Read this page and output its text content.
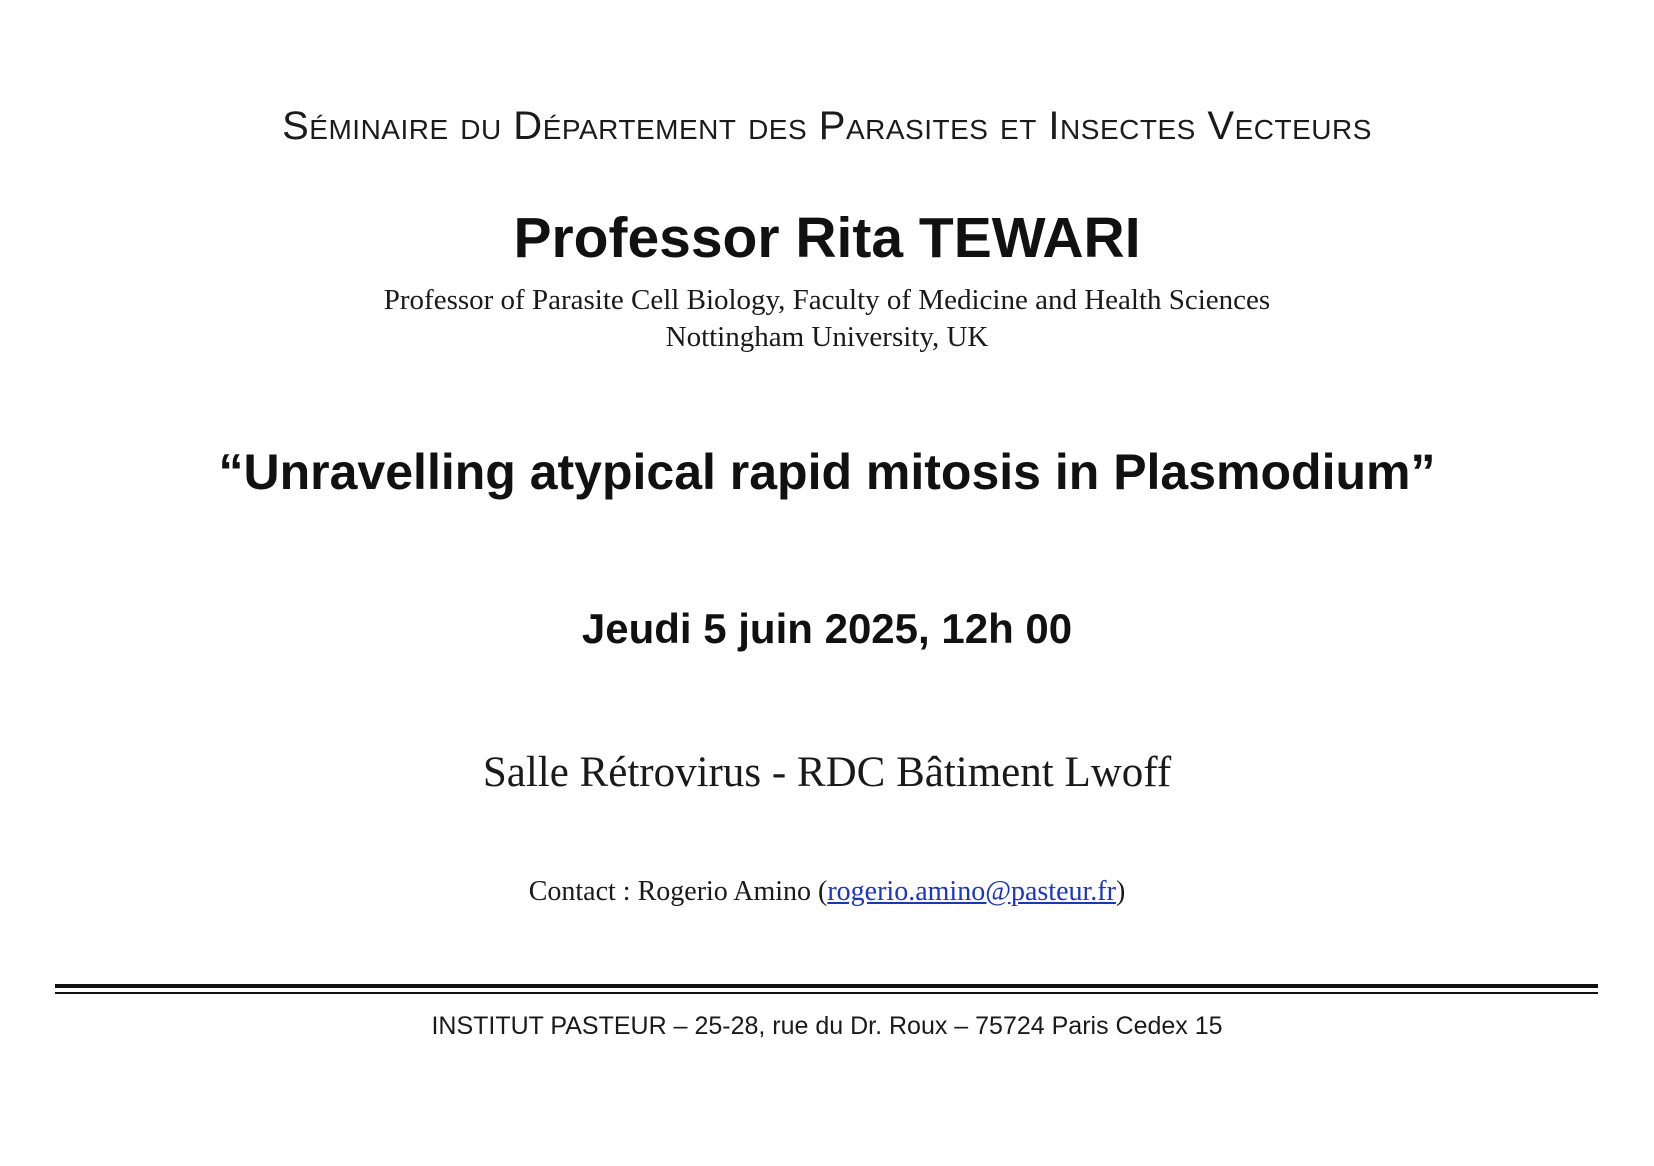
Séminaire du Département des Parasites et Insectes Vecteurs
Professor Rita TEWARI
Professor of Parasite Cell Biology, Faculty of Medicine and Health Sciences
Nottingham University, UK
“Unravelling atypical rapid mitosis in Plasmodium”
Jeudi 5 juin 2025, 12h 00
Salle Rétrovirus - RDC Bâtiment Lwoff
Contact : Rogerio Amino (rogerio.amino@pasteur.fr)
INSTITUT PASTEUR – 25-28, rue du Dr. Roux – 75724 Paris Cedex 15
